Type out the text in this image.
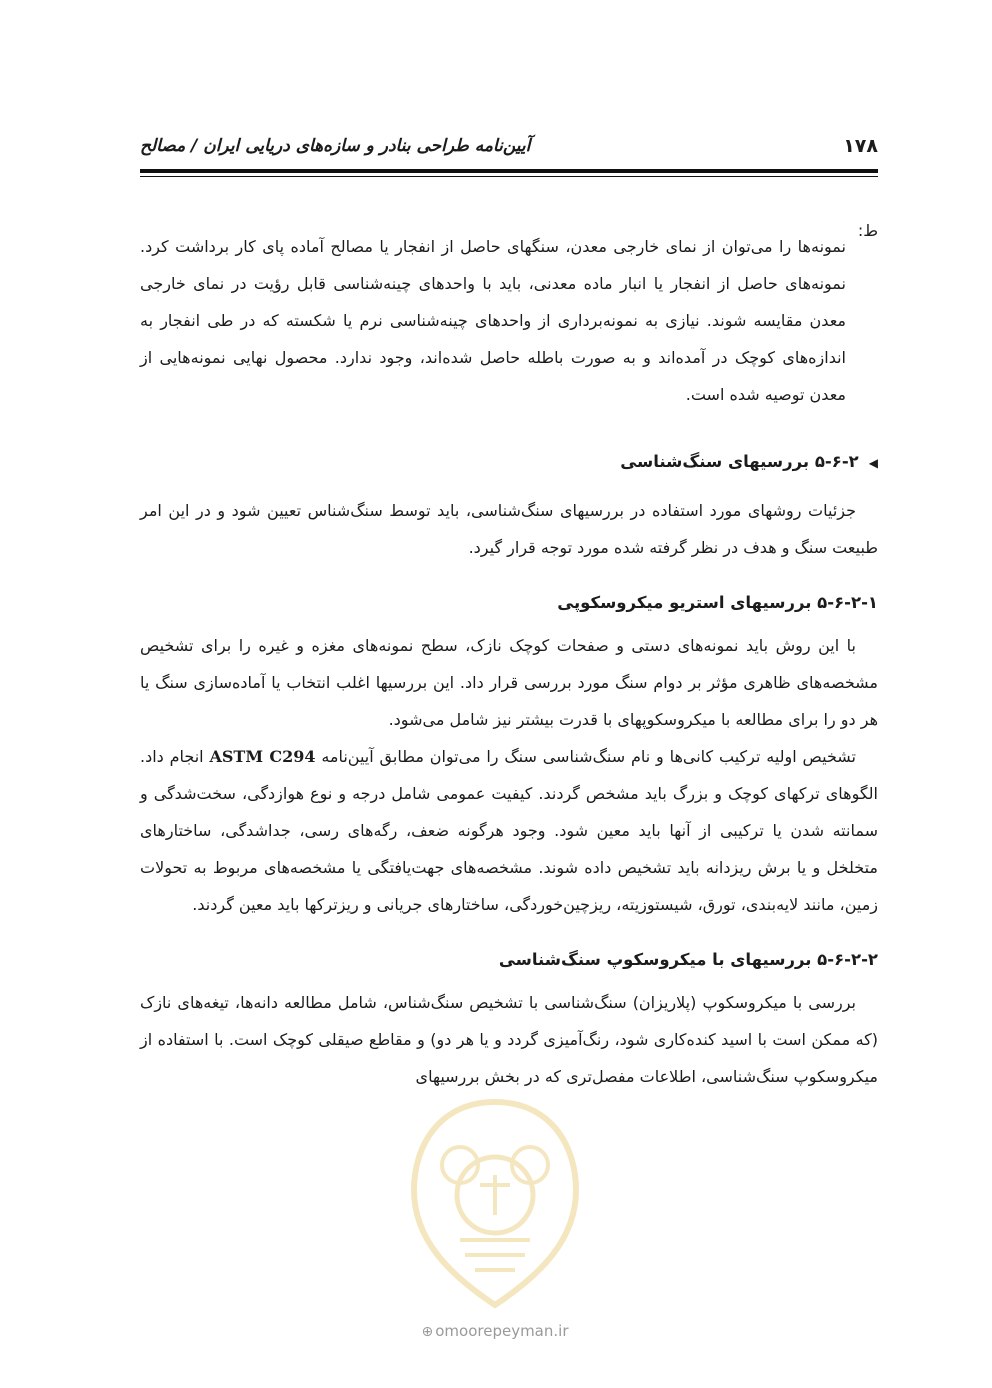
۱۷۸
آیین‌نامه طراحی بنادر و سازه‌های دریایی ایران / مصالح
ط:

نمونه‌ها را می‌توان از نمای خارجی معدن، سنگهای حاصل از انفجار یا مصالح آماده پای کار برداشت کرد. نمونه‌های حاصل از انفجار یا انبار ماده معدنی، باید با واحدهای چینه‌شناسی قابل رؤیت در نمای خارجی معدن مقایسه شوند. نیازی به نمونه‌برداری از واحدهای چینه‌شناسی نرم یا شکسته که در طی انفجار به اندازه‌های کوچک در آمده‌اند و به صورت باطله حاصل شده‌اند، وجود ندارد. محصول نهایی نمونه‌هایی از معدن توصیه شده است.

◀۵-۶-۲ بررسیهای سنگ‌شناسی

جزئیات روشهای مورد استفاده در بررسیهای سنگ‌شناسی، باید توسط سنگ‌شناس تعیین شود و در این امر طبیعت سنگ و هدف در نظر گرفته شده مورد توجه قرار گیرد.

۵-۶-۲-۱ بررسیهای استریو میکروسکوپی

با این روش باید نمونه‌های دستی و صفحات کوچک نازک، سطح نمونه‌های مغزه و غیره را برای تشخیص مشخصه‌های ظاهری مؤثر بر دوام سنگ مورد بررسی قرار داد. این بررسیها اغلب انتخاب یا آماده‌سازی سنگ یا هر دو را برای مطالعه با میکروسکوپهای با قدرت بیشتر نیز شامل می‌شود.

تشخیص اولیه ترکیب کانی‌ها و نام سنگ‌شناسی سنگ را می‌توان مطابق آیین‌نامه ASTM C294 انجام داد. الگوهای ترکهای کوچک و بزرگ باید مشخص گردند. کیفیت عمومی شامل درجه و نوع هوازدگی، سخت‌شدگی و سمانته شدن یا ترکیبی از آنها باید معین شود. وجود هرگونه ضعف، رگه‌های رسی، جداشدگی، ساختارهای متخلخل و یا برش ریزدانه باید تشخیص داده شوند. مشخصه‌های جهت‌یافتگی یا مشخصه‌های مربوط به تحولات زمین، مانند لایه‌بندی، تورق، شیستوزیته، ریزچین‌خوردگی، ساختارهای جریانی و ریزترکها باید معین گردند.

۵-۶-۲-۲ بررسیهای با میکروسکوپ سنگ‌شناسی

بررسی با میکروسکوپ (پلاریزان) سنگ‌شناسی با تشخیص سنگ‌شناس، شامل مطالعه دانه‌ها، تیغه‌های نازک (که ممکن است با اسید کنده‌کاری شود، رنگ‌آمیزی گردد و یا هر دو) و مقاطع صیقلی کوچک است. با استفاده از میکروسکوپ سنگ‌شناسی، اطلاعات مفصل‌تری که در بخش بررسیهای

⊕ omoorepeyman.ir
